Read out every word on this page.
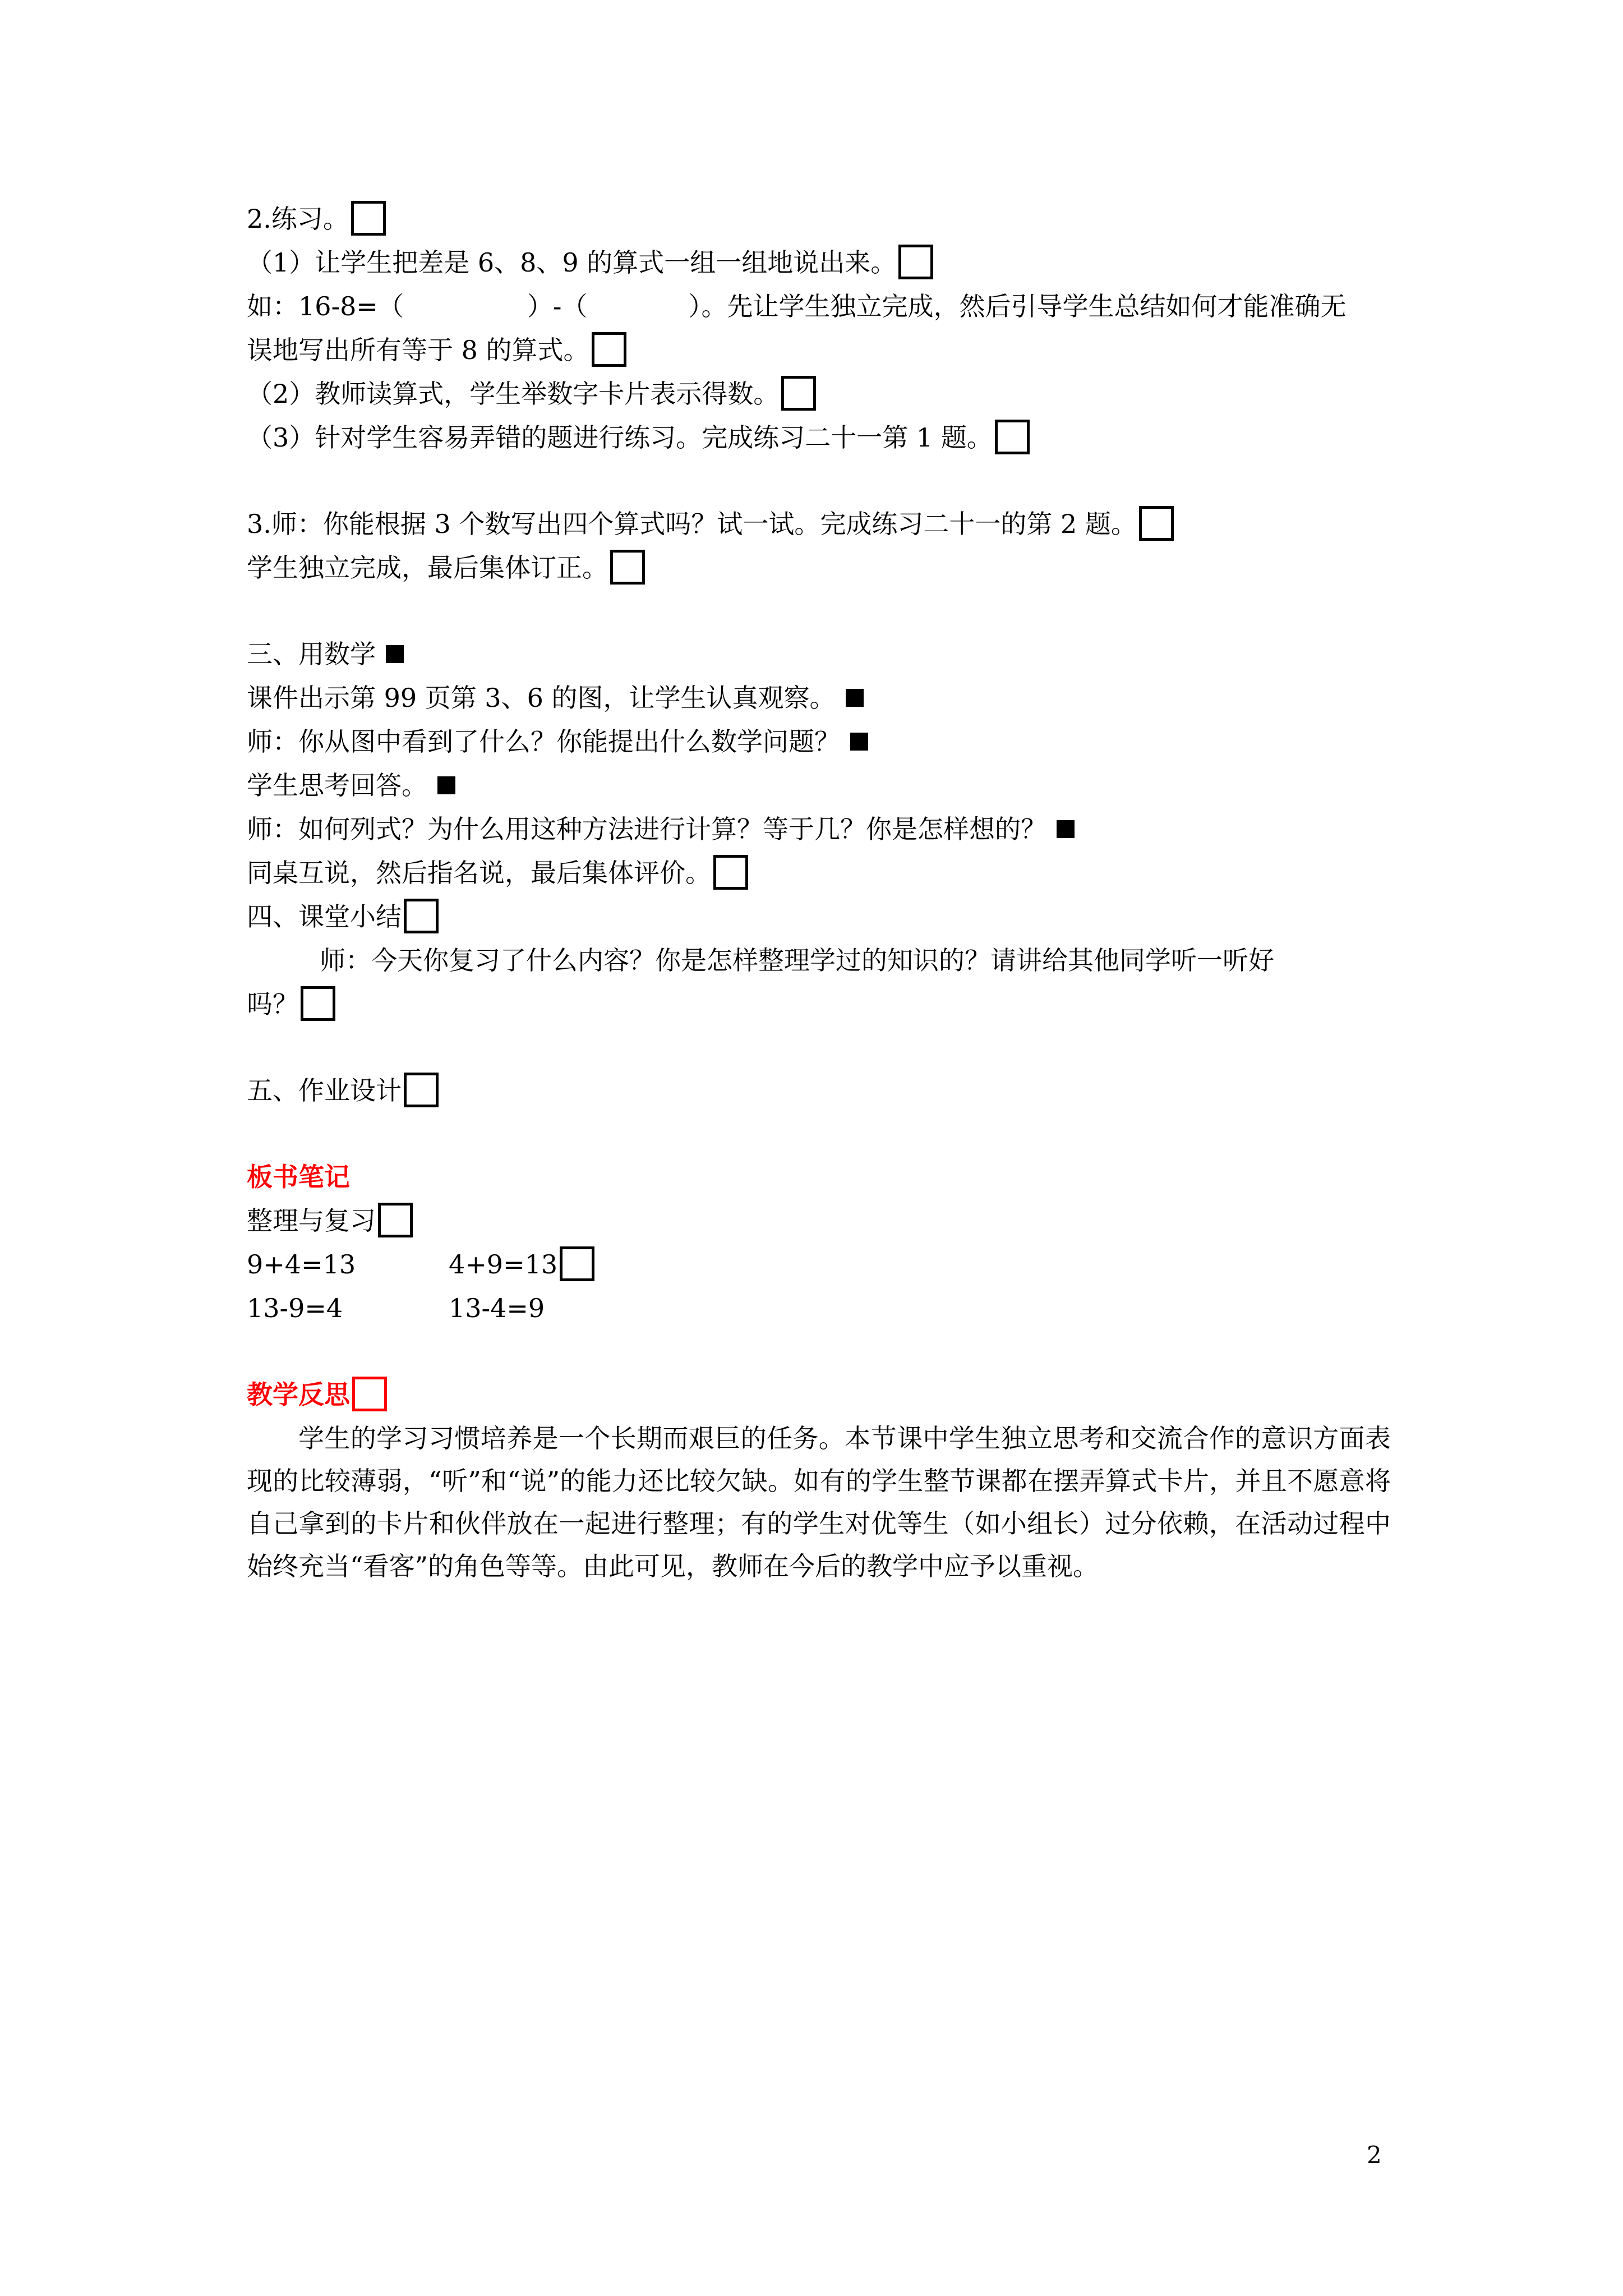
2.练习。
（1）让学生把差是 6、8、9 的算式一组一组地说出来。
如：16-8=（	）-（	）。先让学生独立完成，然后引导学生总结如何才能准确无
误地写出所有等于 8 的算式。
（2）教师读算式，学生举数字卡片表示得数。
（3）针对学生容易弄错的题进行练习。完成练习二十一第 1 题。
3.师：你能根据 3 个数写出四个算式吗？试一试。完成练习二十一的第 2 题。
学生独立完成，最后集体订正。
三、用数学
课件出示第 99 页第 3、6 的图，让学生认真观察。
师：你从图中看到了什么？你能提出什么数学问题？
学生思考回答。
师：如何列式？为什么用这种方法进行计算？等于几？你是怎样想的？
同桌互说，然后指名说，最后集体评价。
四、课堂小结
师：今天你复习了什么内容？你是怎样整理学过的知识的？请讲给其他同学听一听好
吗？
五、作业设计
板书笔记
整理与复习
9+4=13	4+9=13
13-9=4	13-4=9
教学反思
学生的学习习惯培养是一个长期而艰巨的任务。本节课中学生独立思考和交流合作的意识方面表现的比较薄弱，“听”和“说”的能力还比较欠缺。如有的学生整节课都在摆弄算式卡片，并且不愿意将自己拿到的卡片和伙伴放在一起进行整理；有的学生对优等生（如小组长）过分依赖，在活动过程中始终充当“看客”的角色等等。由此可见，教师在今后的教学中应予以重视。
2
